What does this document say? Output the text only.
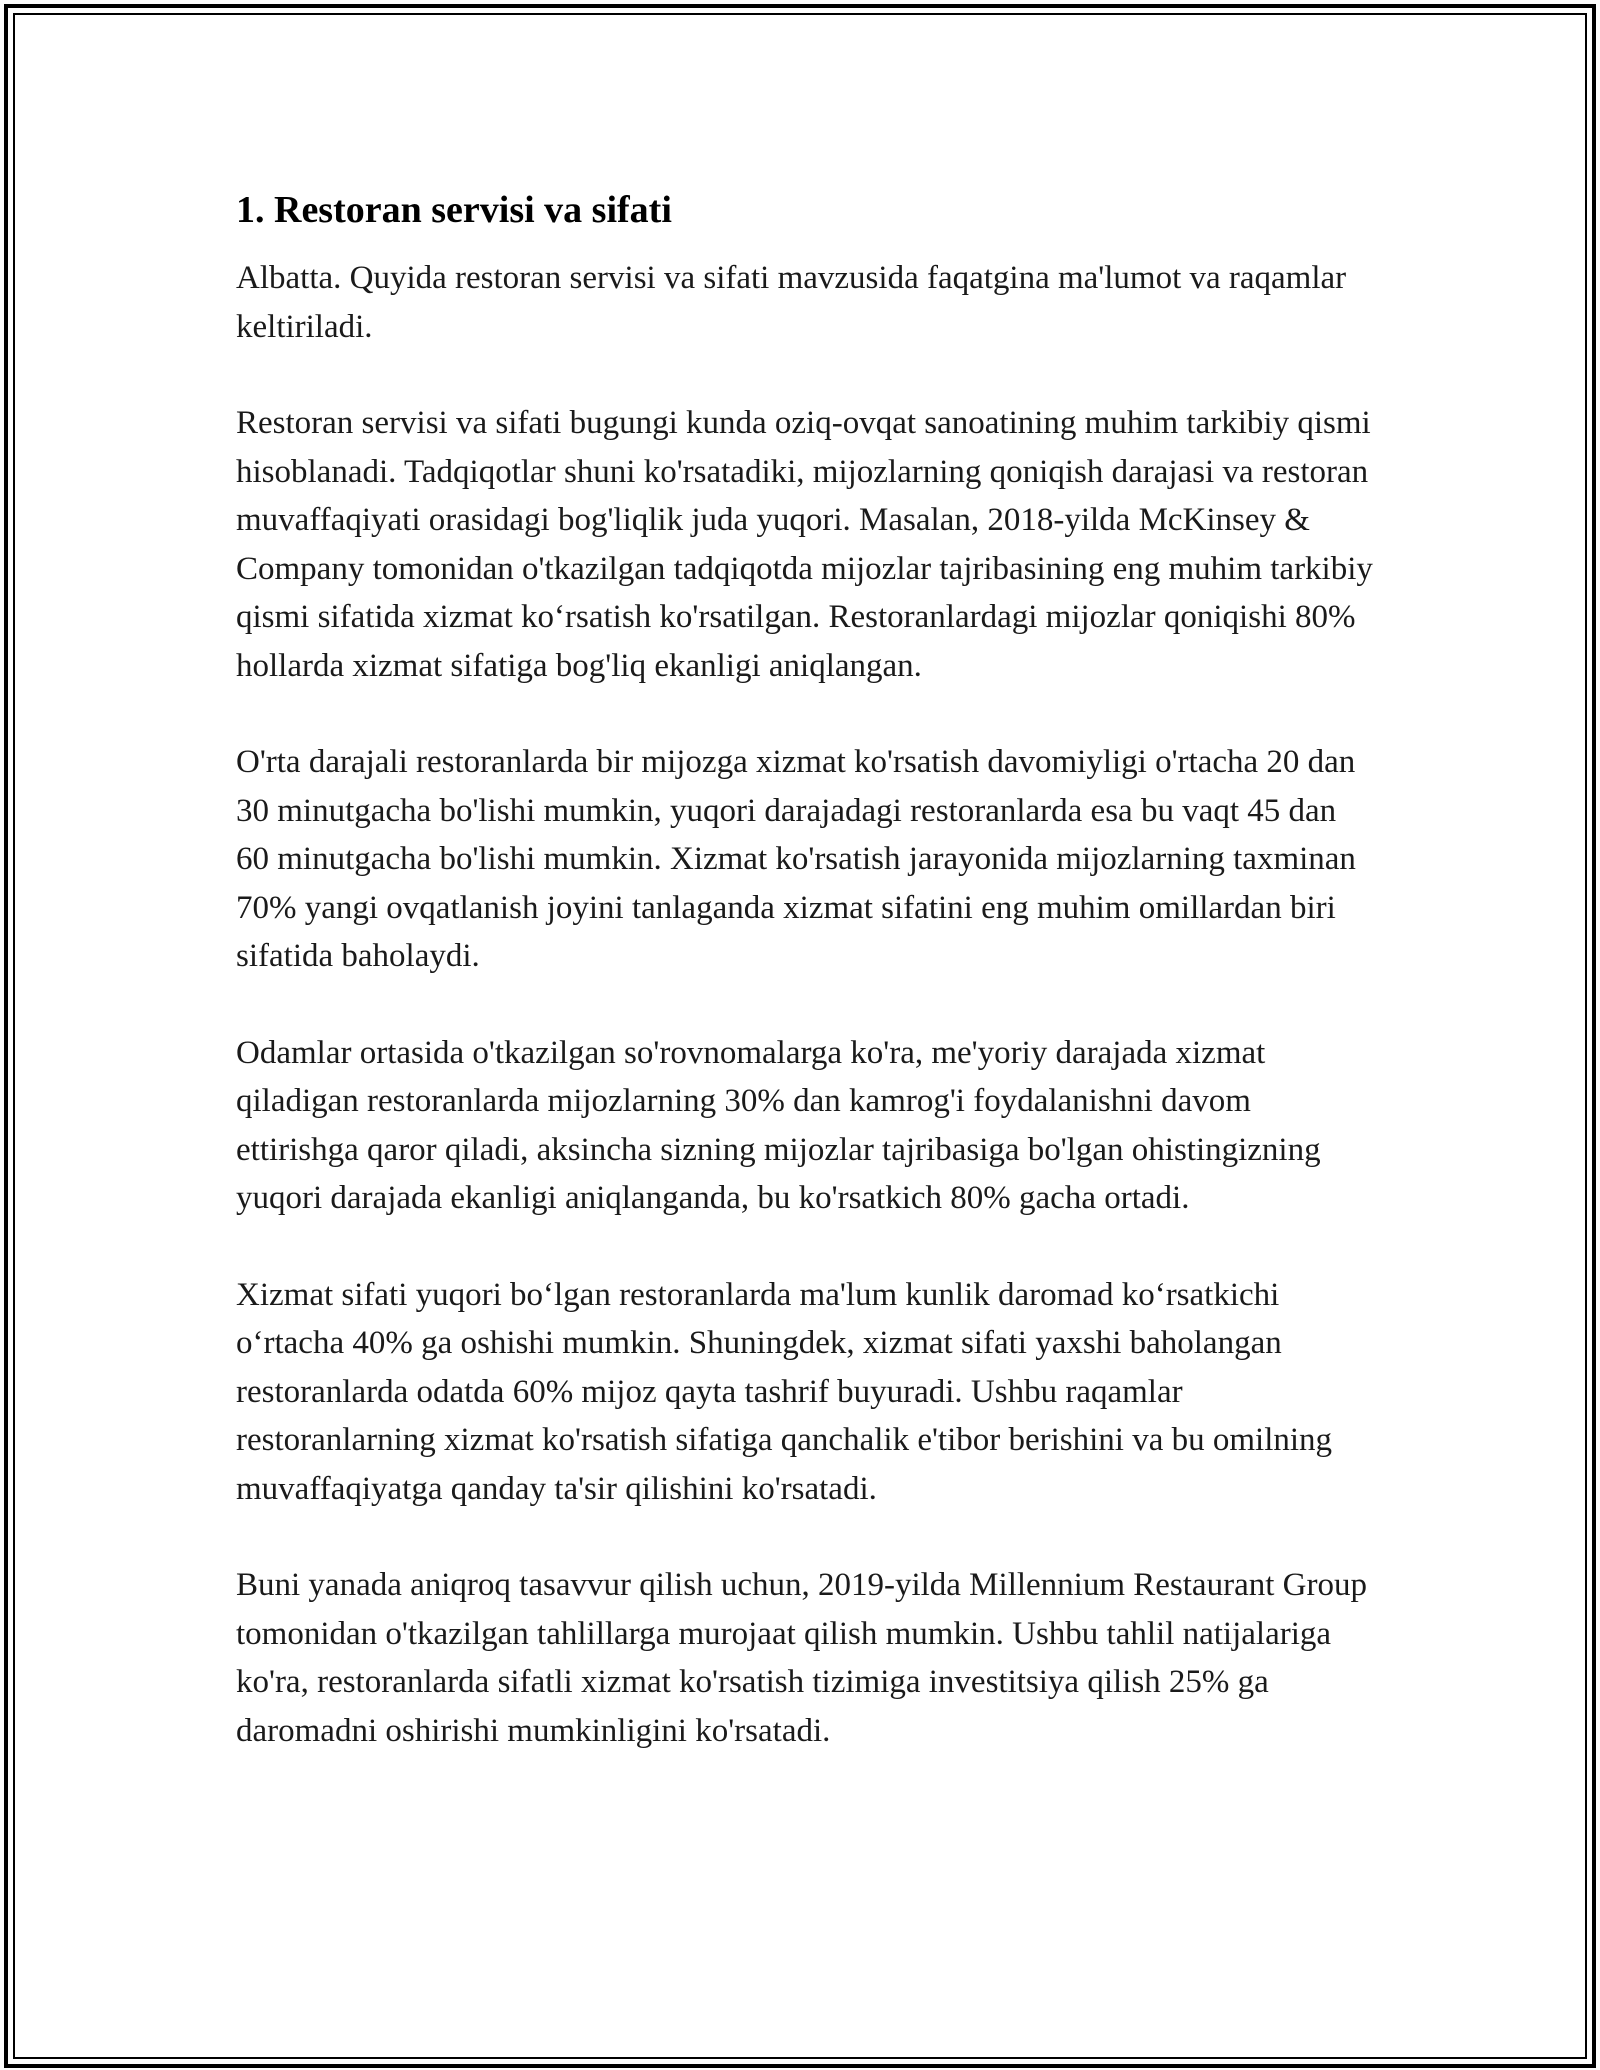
1. Restoran servisi va sifati

Albatta. Quyida restoran servisi va sifati mavzusida faqatgina ma'lumot va raqamlar keltiriladi.

Restoran servisi va sifati bugungi kunda oziq-ovqat sanoatining muhim tarkibiy qismi hisoblanadi. Tadqiqotlar shuni ko'rsatadiki, mijozlarning qoniqish darajasi va restoran muvaffaqiyati orasidagi bog'liqlik juda yuqori. Masalan, 2018-yilda McKinsey & Company tomonidan o'tkazilgan tadqiqotda mijozlar tajribasining eng muhim tarkibiy qismi sifatida xizmat ko‘rsatish ko'rsatilgan. Restoranlardagi mijozlar qoniqishi 80% hollarda xizmat sifatiga bog'liq ekanligi aniqlangan.

O'rta darajali restoranlarda bir mijozga xizmat ko'rsatish davomiyligi o'rtacha 20 dan 30 minutgacha bo'lishi mumkin, yuqori darajadagi restoranlarda esa bu vaqt 45 dan 60 minutgacha bo'lishi mumkin. Xizmat ko'rsatish jarayonida mijozlarning taxminan 70% yangi ovqatlanish joyini tanlaganda xizmat sifatini eng muhim omillardan biri sifatida baholaydi.

Odamlar ortasida o'tkazilgan so'rovnomalarga ko'ra, me'yoriy darajada xizmat qiladigan restoranlarda mijozlarning 30% dan kamrog'i foydalanishni davom ettirishga qaror qiladi, aksincha sizning mijozlar tajribasiga bo'lgan ohistingizning yuqori darajada ekanligi aniqlanganda, bu ko'rsatkich 80% gacha ortadi.

Xizmat sifati yuqori bo‘lgan restoranlarda ma'lum kunlik daromad ko‘rsatkichi o‘rtacha 40% ga oshishi mumkin. Shuningdek, xizmat sifati yaxshi baholangan restoranlarda odatda 60% mijoz qayta tashrif buyuradi. Ushbu raqamlar restoranlarning xizmat ko'rsatish sifatiga qanchalik e'tibor berishini va bu omilning muvaffaqiyatga qanday ta'sir qilishini ko'rsatadi.

Buni yanada aniqroq tasavvur qilish uchun, 2019-yilda Millennium Restaurant Group tomonidan o'tkazilgan tahlillarga murojaat qilish mumkin. Ushbu tahlil natijalariga ko'ra, restoranlarda sifatli xizmat ko'rsatish tizimiga investitsiya qilish 25% ga daromadni oshirishi mumkinligini ko'rsatadi.
